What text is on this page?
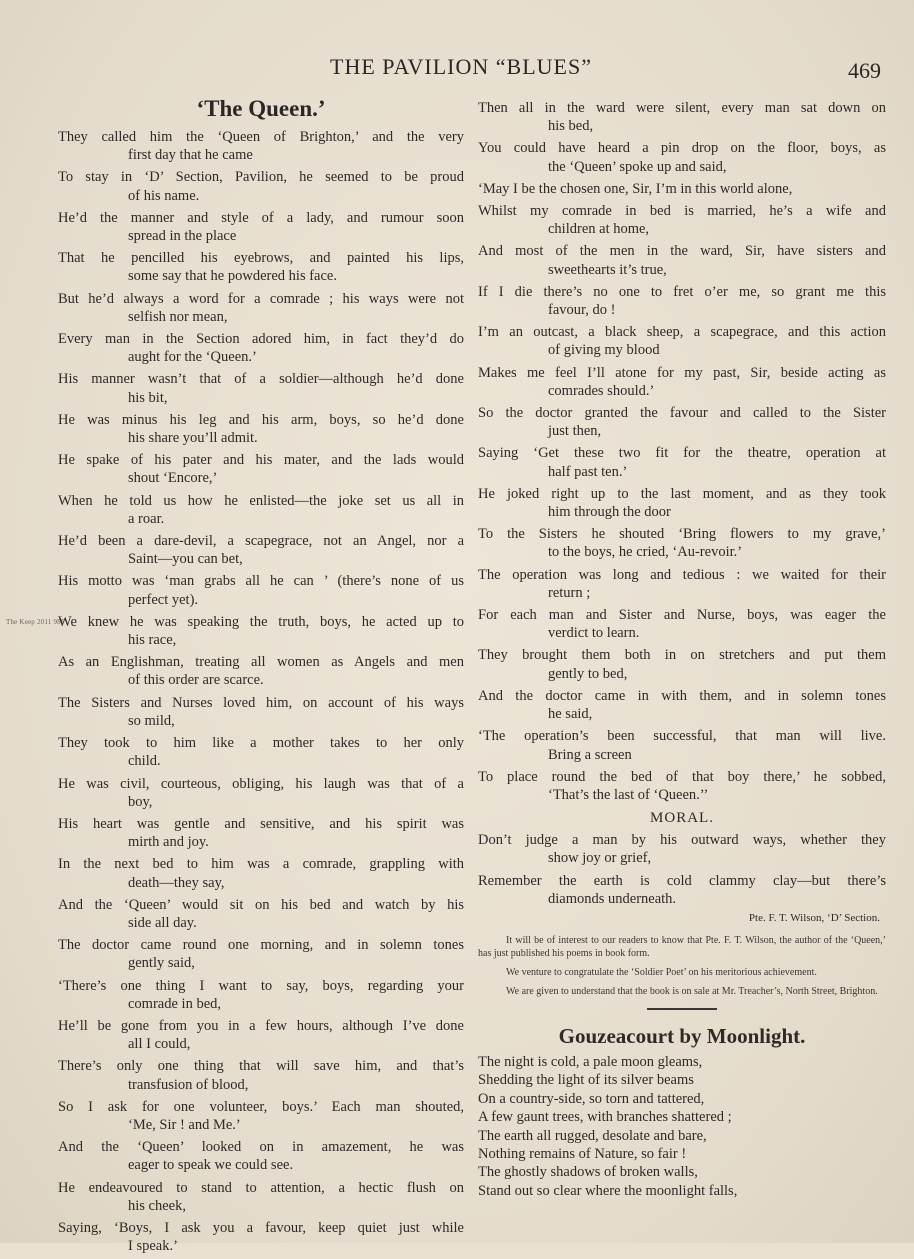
THE PAVILION “BLUES”	469
The Keep 2011 98F
‘The Queen.’
They called him the ‘Queen of Brighton,’ and the very
first day that he came
To stay in ‘D’ Section, Pavilion, he seemed to be proud
of his name.
He’d the manner and style of a lady, and rumour soon
spread in the place
That he pencilled his eyebrows, and painted his lips,
some say that he powdered his face.
But he’d always a word for a comrade ; his ways were not
selfish nor mean,
Every man in the Section adored him, in fact they’d do
aught for the ‘Queen.’
His manner wasn’t that of a soldier—although he’d done
his bit,
He was minus his leg and his arm, boys, so he’d done
his share you’ll admit.
He spake of his pater and his mater, and the lads would
shout ‘Encore,’
When he told us how he enlisted—the joke set us all in
a roar.
He’d been a dare-devil, a scapegrace, not an Angel, nor a
Saint—you can bet,
His motto was ‘man grabs all he can ’ (there’s none of us
perfect yet).
We knew he was speaking the truth, boys, he acted up to
his race,
As an Englishman, treating all women as Angels and men
of this order are scarce.
The Sisters and Nurses loved him, on account of his ways
so mild,
They took to him like a mother takes to her only
child.
He was civil, courteous, obliging, his laugh was that of a
boy,
His heart was gentle and sensitive, and his spirit was
mirth and joy.
In the next bed to him was a comrade, grappling with
death—they say,
And the ‘Queen’ would sit on his bed and watch by his
side all day.
The doctor came round one morning, and in solemn tones
gently said,
‘There’s one thing I want to say, boys, regarding your
comrade in bed,
He’ll be gone from you in a few hours, although I’ve done
all I could,
There’s only one thing that will save him, and that’s
transfusion of blood,
So I ask for one volunteer, boys.’ Each man shouted,
‘Me, Sir ! and Me.’
And the ‘Queen’ looked on in amazement, he was
eager to speak we could see.
He endeavoured to stand to attention, a hectic flush on
his cheek,
Saying, ‘Boys, I ask you a favour, keep quiet just while
I speak.’
Then all in the ward were silent, every man sat down on
his bed,
You could have heard a pin drop on the floor, boys, as
the ‘Queen’ spoke up and said,
‘May I be the chosen one, Sir, I’m in this world alone,
Whilst my comrade in bed is married, he’s a wife and
children at home,
And most of the men in the ward, Sir, have sisters and
sweethearts it’s true,
If I die there’s no one to fret o’er me, so grant me this
favour, do !
I’m an outcast, a black sheep, a scapegrace, and this action
of giving my blood
Makes me feel I’ll atone for my past, Sir, beside acting as
comrades should.’
So the doctor granted the favour and called to the Sister
just then,
Saying ‘Get these two fit for the theatre, operation at
half past ten.’
He joked right up to the last moment, and as they took
him through the door
To the Sisters he shouted ‘Bring flowers to my grave,’
to the boys, he cried, ‘Au-revoir.’
The operation was long and tedious : we waited for their
return ;
For each man and Sister and Nurse, boys, was eager the
verdict to learn.
They brought them both in on stretchers and put them
gently to bed,
And the doctor came in with them, and in solemn tones
he said,
‘The operation’s been successful, that man will live.
Bring a screen
To place round the bed of that boy there,’ he sobbed,
‘That’s the last of ‘Queen.’’
MORAL.
Don’t judge a man by his outward ways, whether they
show joy or grief,
Remember the earth is cold clammy clay—but there’s
diamonds underneath.
Pte. F. T. Wilson, ‘D’ Section.
It will be of interest to our readers to know that Pte. F. T. Wilson, the author of the ‘Queen,’ has just published his poems in book form.
We venture to congratulate the ‘Soldier Poet’ on his meritorious achievement.
We are given to understand that the book is on sale at Mr. Treacher’s, North Street, Brighton.
Gouzeacourt by Moonlight.
The night is cold, a pale moon gleams,
Shedding the light of its silver beams
On a country-side, so torn and tattered,
A few gaunt trees, with branches shattered ;
The earth all rugged, desolate and bare,
Nothing remains of Nature, so fair !
The ghostly shadows of broken walls,
Stand out so clear where the moonlight falls,
